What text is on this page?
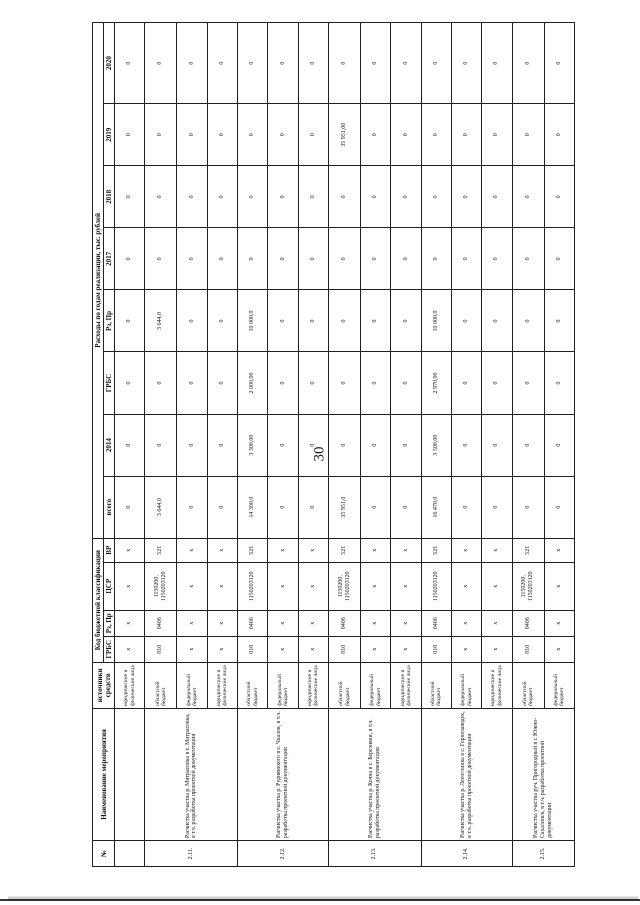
30
№	Наименование мероприятия	источники средств	Код бюджетной классификации				Расходы по годам реализации, тыс. рублей							
							всего	2014	ГРБС	Рз, Пр	2017	2018	2019	2020
			ГРБС	Рз, Пр	ЦСР	ВР								
		юридические и физические лица	x	x	x	x	0	0	0	0	0	0	0	0
2.11.	Расчистка участка р. Митрасовка в с. Митрасовка, в т.ч. разработка проектной документации	областной бюджет	010	0406	1150200, 1150203120	521	3 644,0	0	0	3 644,0	0	0	0	0
		федеральный бюджет	x	x	x	x	0	0	0	0	0	0	0	0
		юридические и физические лица	x	x	x	x	0	0	0	0	0	0	0	0
2.12.	Расчистка участка р. Руднянского в с. Чкалов, в т.ч. разработка проектной документации	областной бюджет	010	0406	1150203120	521	14 300,0	3 300,00	2 000,00	10 000,0	0	0	0	0
		федеральный бюджет	x	x	x	x	0	0	0	0	0	0	0	0
		юридические и физические лица	x	x	x	x	0	0	0	0	0	0	0	0
2.13.	Расчистка участка р. Кочна в с. Березняки, в т.ч. разработка проектной документации	областной бюджет	010	0406	1150200, 1150203120	521	35 951,0	0	0	0	0	0	35 951,00	0
		федеральный бюджет	x	x	x	x	0	0	0	0	0	0	0	0
		юридические и физические лица	x	x	x	x	0	0	0	0	0	0	0	0
2.14.	Расчистка участка р. Лесоглинка в с. Горнозаводск, в т.ч. разработка проектной документации	областной бюджет	010	0406	1150203120	521	16 470,0	3 500,00	2 970,00	10 000,0	0	0	0	0
		федеральный бюджет	x	x	x	x	0	0	0	0	0	0	0	0
		юридические и физические лица	x	x	x	x	0	0	0	0	0	0	0	0
2.15.	Расчистка участка руч. Пригородный в г. Южно-Сахалинск, в т.ч. разработка проектной документации	областной бюджет	010	0406	1150200, 1150203120	521	0	0	0	0	0	0	0	0
		федеральный бюджет	x	x	x	x	0	0	0	0	0	0	0	0
